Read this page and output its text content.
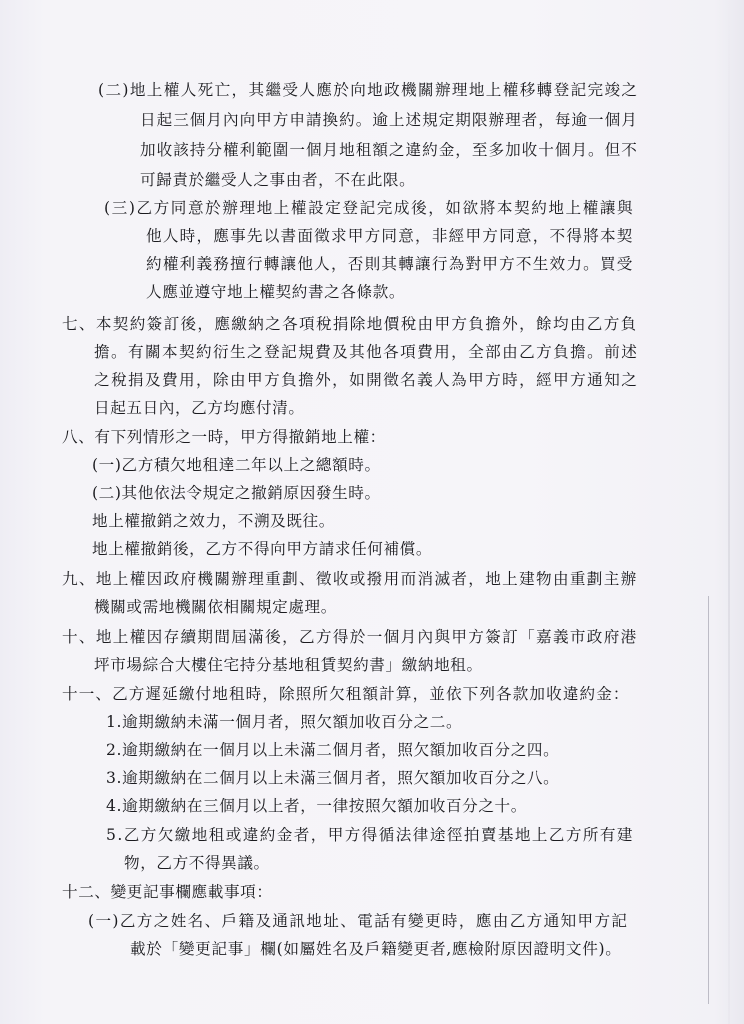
(二)地上權人死亡，其繼受人應於向地政機關辦理地上權移轉登記完竣之
日起三個月內向甲方申請換約。逾上述規定期限辦理者，每逾一個月
加收該持分權利範圍一個月地租額之違約金，至多加收十個月。但不
可歸責於繼受人之事由者，不在此限。
(三)乙方同意於辦理地上權設定登記完成後，如欲將本契約地上權讓與
他人時，應事先以書面徵求甲方同意，非經甲方同意，不得將本契
約權利義務擅行轉讓他人，否則其轉讓行為對甲方不生效力。買受
人應並遵守地上權契約書之各條款。
七、本契約簽訂後，應繳納之各項稅捐除地價稅由甲方負擔外，餘均由乙方負
擔。有關本契約衍生之登記規費及其他各項費用，全部由乙方負擔。前述
之稅捐及費用，除由甲方負擔外，如開徵名義人為甲方時，經甲方通知之
日起五日內，乙方均應付清。
八、有下列情形之一時，甲方得撤銷地上權：
(一)乙方積欠地租達二年以上之總額時。
(二)其他依法令規定之撤銷原因發生時。
地上權撤銷之效力，不溯及既往。
地上權撤銷後，乙方不得向甲方請求任何補償。
九、地上權因政府機關辦理重劃、徵收或撥用而消滅者，地上建物由重劃主辦
機關或需地機關依相關規定處理。
十、地上權因存續期間屆滿後，乙方得於一個月內與甲方簽訂「嘉義市政府港
坪市場綜合大樓住宅持分基地租賃契約書」繳納地租。
十一、乙方遲延繳付地租時，除照所欠租額計算，並依下列各款加收違約金：
1.逾期繳納未滿一個月者，照欠額加收百分之二。
2.逾期繳納在一個月以上未滿二個月者，照欠額加收百分之四。
3.逾期繳納在二個月以上未滿三個月者，照欠額加收百分之八。
4.逾期繳納在三個月以上者，一律按照欠額加收百分之十。
5.乙方欠繳地租或違約金者，甲方得循法律途徑拍賣基地上乙方所有建
物，乙方不得異議。
十二、變更記事欄應載事項：
(一)乙方之姓名、戶籍及通訊地址、電話有變更時，應由乙方通知甲方記
載於「變更記事」欄(如屬姓名及戶籍變更者,應檢附原因證明文件)。
